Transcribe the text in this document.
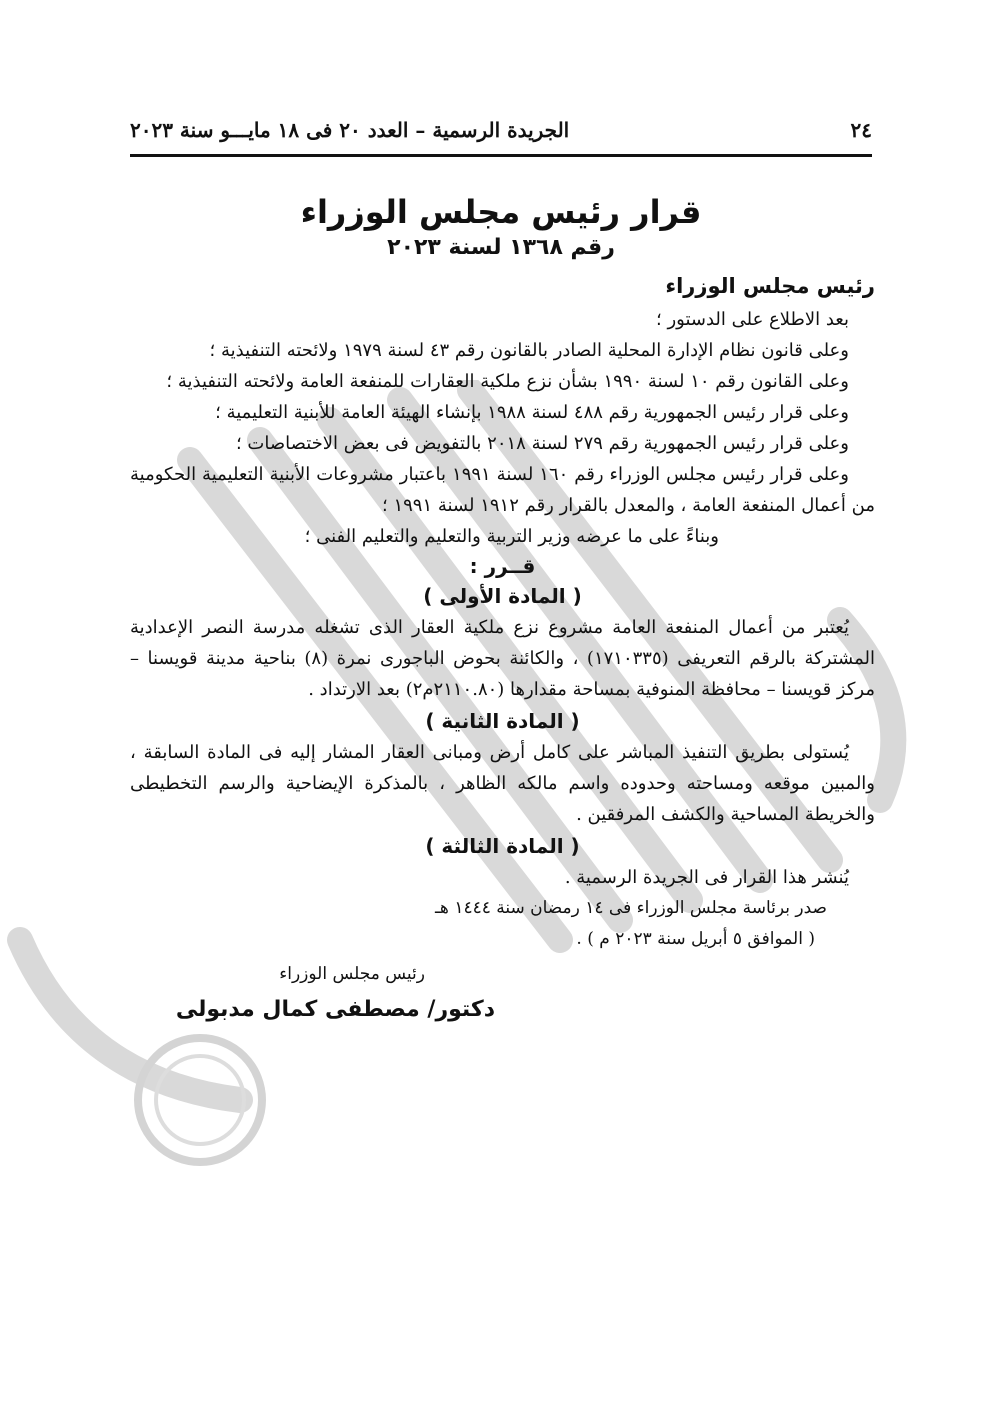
٢٤
الجريدة الرسمية – العدد ٢٠ فى ١٨ مايـــو سنة ٢٠٢٣
قرار رئيس مجلس الوزراء
رقم ١٣٦٨ لسنة ٢٠٢٣

رئيس مجلس الوزراء

بعد الاطلاع على الدستور ؛

وعلى قانون نظام الإدارة المحلية الصادر بالقانون رقم ٤٣ لسنة ١٩٧٩ ولائحته التنفيذية ؛

وعلى القانون رقم ١٠ لسنة ١٩٩٠ بشأن نزع ملكية العقارات للمنفعة العامة ولائحته التنفيذية ؛

وعلى قرار رئيس الجمهورية رقم ٤٨٨ لسنة ١٩٨٨ بإنشاء الهيئة العامة للأبنية التعليمية ؛

وعلى قرار رئيس الجمهورية رقم ٢٧٩ لسنة ٢٠١٨ بالتفويض فى بعض الاختصاصات ؛

وعلى قرار رئيس مجلس الوزراء رقم ١٦٠ لسنة ١٩٩١ باعتبار مشروعات الأبنية التعليمية الحكومية من أعمال المنفعة العامة ، والمعدل بالقرار رقم ١٩١٢ لسنة ١٩٩١ ؛

وبناءً على ما عرضه وزير التربية والتعليم والتعليم الفنى ؛

قــرر :
( المادة الأولى )

يُعتبر من أعمال المنفعة العامة مشروع نزع ملكية العقار الذى تشغله مدرسة النصر الإعدادية المشتركة بالرقم التعريفى (١٧١٠٣٣٥) ، والكائنة بحوض الباجورى نمرة (٨) بناحية مدينة قويسنا – مركز قويسنا – محافظة المنوفية بمساحة مقدارها (٢١١٠.٨٠م٢) بعد الارتداد .

( المادة الثانية )

يُستولى بطريق التنفيذ المباشر على كامل أرض ومبانى العقار المشار إليه فى المادة السابقة ، والمبين موقعه ومساحته وحدوده واسم مالكه الظاهر ، بالمذكرة الإيضاحية والرسم التخطيطى والخريطة المساحية والكشف المرفقين .

( المادة الثالثة )

يُنشر هذا القرار فى الجريدة الرسمية .

صدر برئاسة مجلس الوزراء فى ١٤ رمضان سنة ١٤٤٤ هـ

( الموافق ٥ أبريل سنة ٢٠٢٣ م ) .

رئيس مجلس الوزراء

دكتور/ مصطفى كمال مدبولى
